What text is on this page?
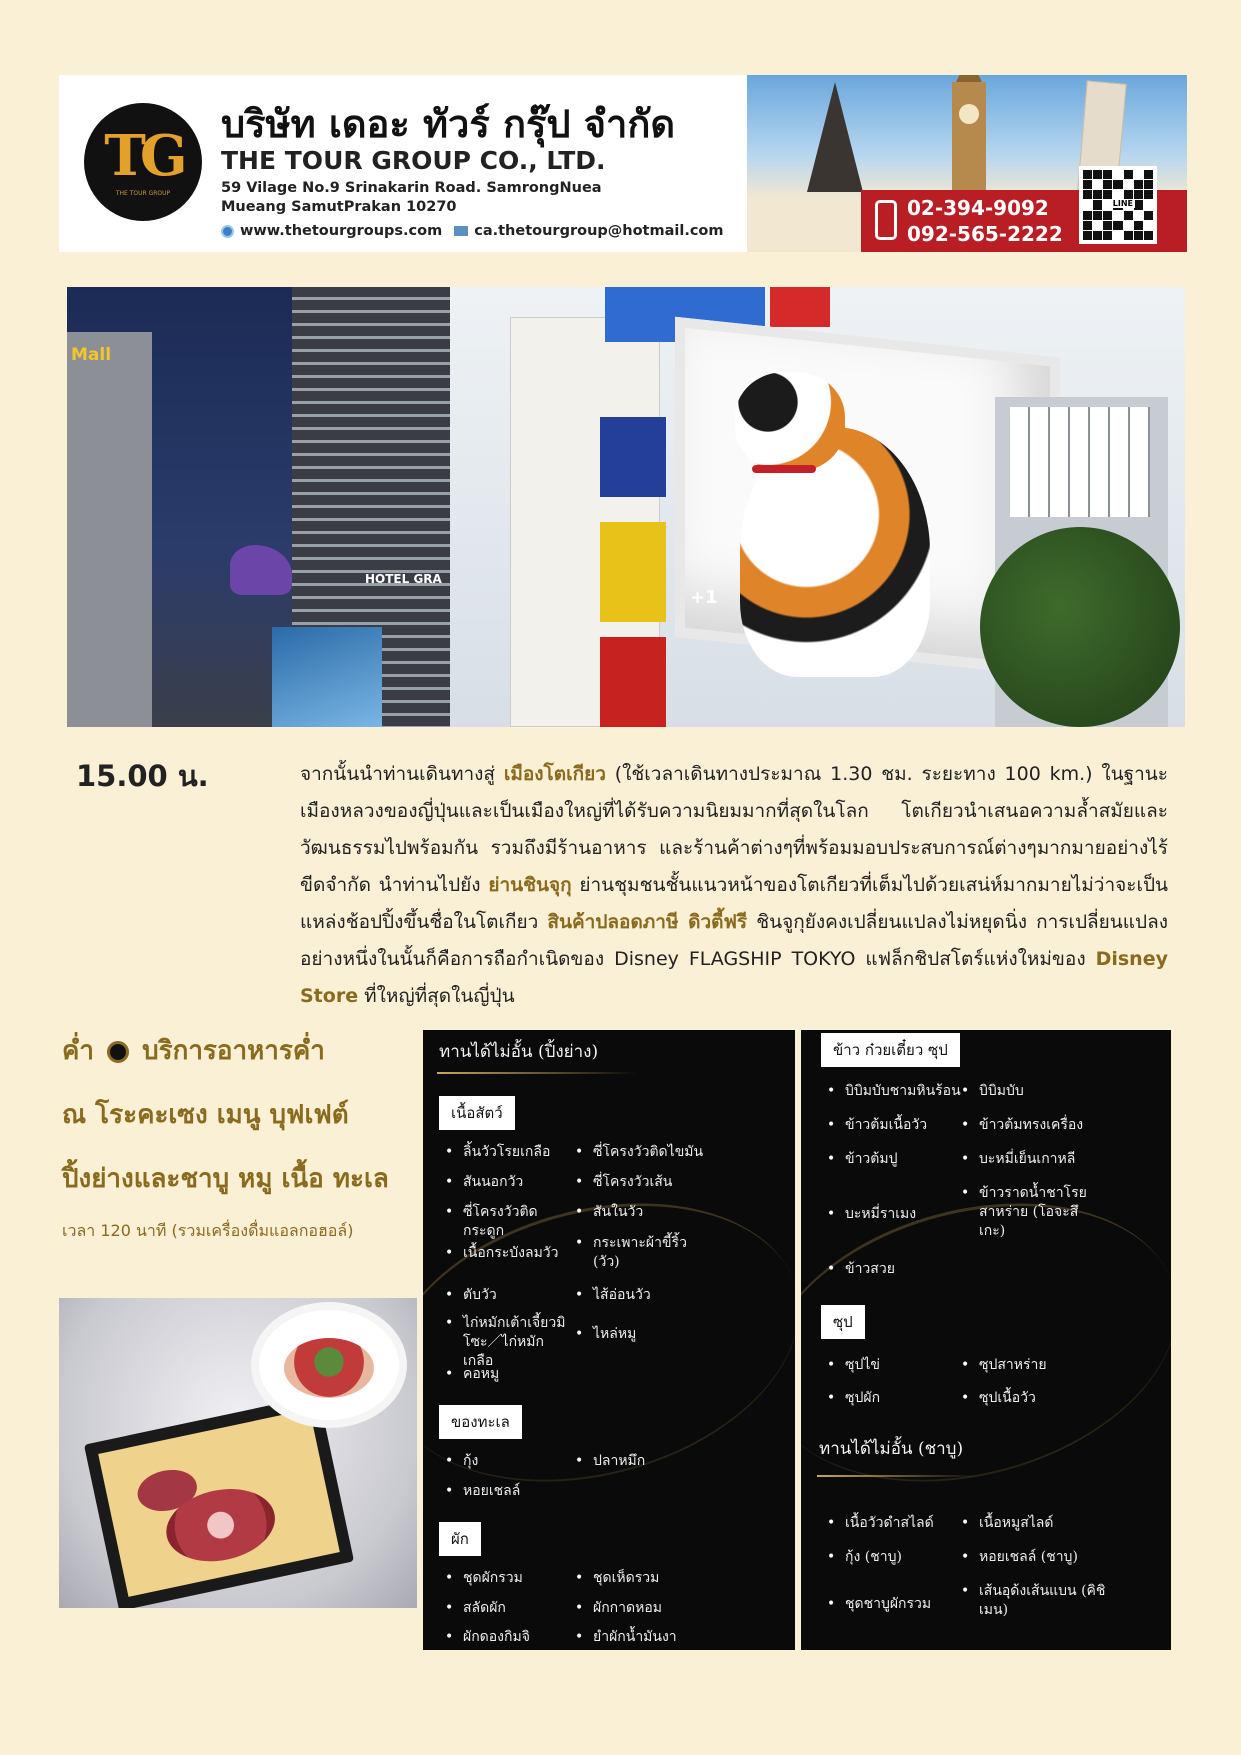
TG
THE TOUR GROUP
บริษัท เดอะ ทัวร์ กรุ๊ป จำกัด
THE TOUR GROUP CO., LTD.
59 Vilage No.9 Srinakarin Road. SamrongNuea
Mueang SamutPrakan 10270
www.thetourgroups.com ca.thetourgroup@hotmail.com
02-394-9092
092-565-2222
LINE
Mall
HOTEL GRA
+1
15.00 น.	จากนั้นนำท่านเดินทางสู่ เมืองโตเกียว (ใช้เวลาเดินทางประมาณ 1.30 ชม. ระยะทาง 100 km.) ในฐานะเมืองหลวงของญี่ปุ่นและเป็นเมืองใหญ่ที่ได้รับความนิยมมากที่สุดในโลก โตเกียวนำเสนอความล้ำสมัยและวัฒนธรรมไปพร้อมกัน รวมถึงมีร้านอาหาร และร้านค้าต่างๆที่พร้อมมอบประสบการณ์ต่างๆมากมายอย่างไร้ขีดจำกัด นำท่านไปยัง ย่านชินจุกุ ย่านชุมชนชั้นแนวหน้าของโตเกียวที่เต็มไปด้วยเสน่ห์มากมายไม่ว่าจะเป็นแหล่งช้อปปิ้งขึ้นชื่อในโตเกียว สินค้าปลอดภาษี ดิวตี้ฟรี ชินจูกุยังคงเปลี่ยนแปลงไม่หยุดนิ่ง การเปลี่ยนแปลงอย่างหนึ่งในนั้นก็คือการถือกำเนิดของ Disney FLAGSHIP TOKYO แฟล็กชิปสโตร์แห่งใหม่ของ Disney Store ที่ใหญ่ที่สุดในญี่ปุ่น
ค่ำ บริการอาหารค่ำ
ณ โระคะเซง เมนู บุฟเฟต์
ปิ้งย่างและชาบู หมู เนื้อ ทะเล
เวลา 120 นาที (รวมเครื่องดื่มแอลกอฮอล์)
ทานได้ไม่อั้น (ปิ้งย่าง)
เนื้อสัตว์
• ลิ้นวัวโรยเกลือ	• ซี่โครงวัวติดไขมัน
• สันนอกวัว	• ซี่โครงวัวเส้น
• ซี่โครงวัวติดกระดูก
• สันในวัว
• เนื้อกระบังลมวัว
• กระเพาะผ้าขี้ริ้ว (วัว)
• ตับวัว	• ไส้อ่อนวัว
• ไก่หมักเต้าเจี้ยวมิโซะ／ไก่หมักเกลือ
• ไหล่หมู
• คอหมู
ของทะเล
• กุ้ง	• ปลาหมึก
• หอยเชลล์
ผัก
• ชุดผักรวม	• ชุดเห็ดรวม
• สลัดผัก	• ผักกาดหอม
• ผักดองกิมจิ	• ยำผักน้ำมันงา
ข้าว ก๋วยเตี๋ยว ซุป
• บิบิมบับชามหินร้อน	• บิบิมบับ
• ข้าวต้มเนื้อวัว	• ข้าวต้มทรงเครื่อง
• ข้าวต้มปู	• บะหมี่เย็นเกาหลี
• บะหมี่ราเมง
• ข้าวราดน้ำชาโรยสาหร่าย (โอจะสึเกะ)
• ข้าวสวย
ซุป
• ซุปไข่	• ซุปสาหร่าย
• ซุปผัก	• ซุปเนื้อวัว
ทานได้ไม่อั้น (ชาบู)
• เนื้อวัวดำสไลด์	• เนื้อหมูสไลด์
• กุ้ง (ชาบู)	• หอยเชลล์ (ชาบู)
• ชุดชาบูผักรวม
• เส้นอุด้งเส้นแบน (คิชิเมน)
